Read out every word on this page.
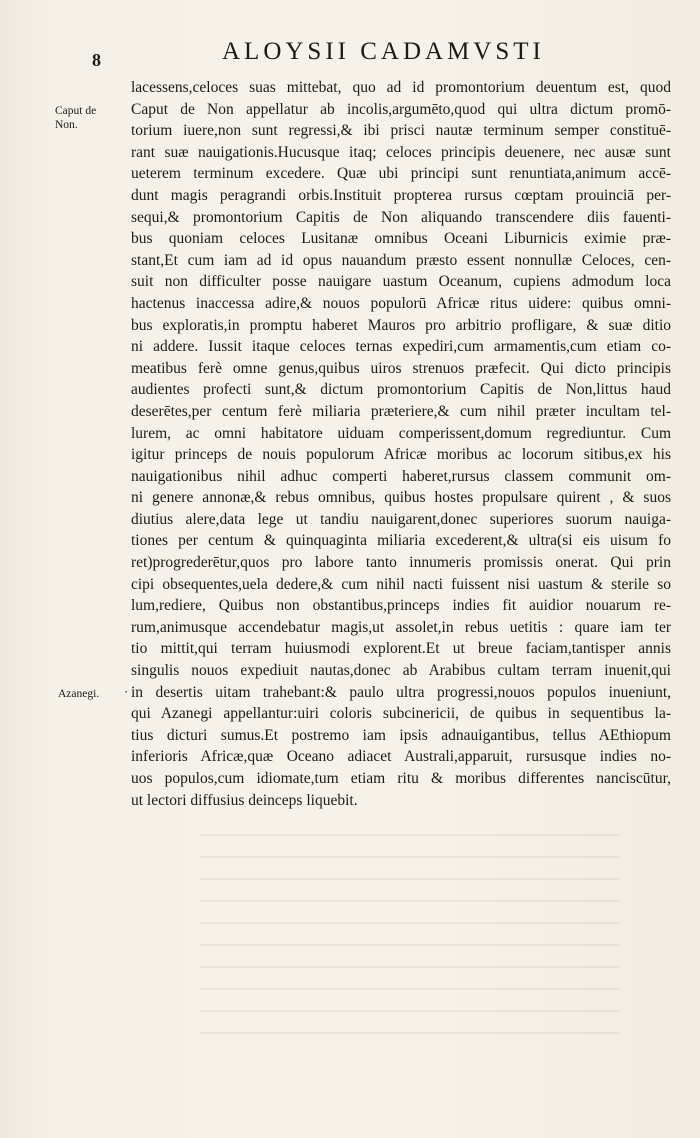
8	ALOYSII CADAMVSTI
Caput de
Non.
Azanegi. ·
lacessens,celoces suas mittebat, quo ad id promontorium deuentum est, quod
Caput de Non appellatur ab incolis,argumēto,quod qui ultra dictum promō-
torium iuere,non sunt regressi,& ibi prisci nautæ terminum semper constituē-
rant suæ nauigationis.Hucusque itaq; celoces principis deuenere, nec ausæ sunt
ueterem terminum excedere. Quæ ubi principi sunt renuntiata,animum accē-
dunt magis peragrandi orbis.Instituit propterea rursus cœptam prouinciā per-
sequi,& promontorium Capitis de Non aliquando transcendere diis fauenti-
bus quoniam celoces Lusitanæ omnibus Oceani Liburnicis eximie præ-
stant,Et cum iam ad id opus nauandum præsto essent nonnullæ Celoces, cen-
suit non difficulter posse nauigare uastum Oceanum, cupiens admodum loca
hactenus inaccessa adire,& nouos populorū Africæ ritus uidere: quibus omni-
bus exploratis,in promptu haberet Mauros pro arbitrio profligare, & suæ ditio
ni addere. Iussit itaque celoces ternas expediri,cum armamentis,cum etiam co-
meatibus ferè omne genus,quibus uiros strenuos præfecit. Qui dicto principis
audientes profecti sunt,& dictum promontorium Capitis de Non,littus haud
deserētes,per centum ferè miliaria præteriere,& cum nihil præter incultam tel-
lurem, ac omni habitatore uiduam comperissent,domum regrediuntur. Cum
igitur princeps de nouis populorum Africæ moribus ac locorum sitibus,ex his
nauigationibus nihil adhuc comperti haberet,rursus classem communit om-
ni genere annonæ,& rebus omnibus, quibus hostes propulsare quirent , & suos
diutius alere,data lege ut tandiu nauigarent,donec superiores suorum nauiga-
tiones per centum & quinquaginta miliaria excederent,& ultra(si eis uisum fo
ret)progrederētur,quos pro labore tanto innumeris promissis onerat. Qui prin
cipi obsequentes,uela dedere,& cum nihil nacti fuissent nisi uastum & sterile so
lum,rediere, Quibus non obstantibus,princeps indies fit auidior nouarum re-
rum,animusque accendebatur magis,ut assolet,in rebus uetitis : quare iam ter
tio mittit,qui terram huiusmodi explorent.Et ut breue faciam,tantisper annis
singulis nouos expediuit nautas,donec ab Arabibus cultam terram inuenit,qui
in desertis uitam trahebant:& paulo ultra progressi,nouos populos inueniunt,
qui Azanegi appellantur:uiri coloris subcinericii, de quibus in sequentibus la-
tius dicturi sumus.Et postremo iam ipsis adnauigantibus, tellus AEthiopum
inferioris Africæ,quæ Oceano adiacet Australi,apparuit, rursusque indies no-
uos populos,cum idiomate,tum etiam ritu & moribus differentes nanciscūtur,
ut lectori diffusius deinceps liquebit.
